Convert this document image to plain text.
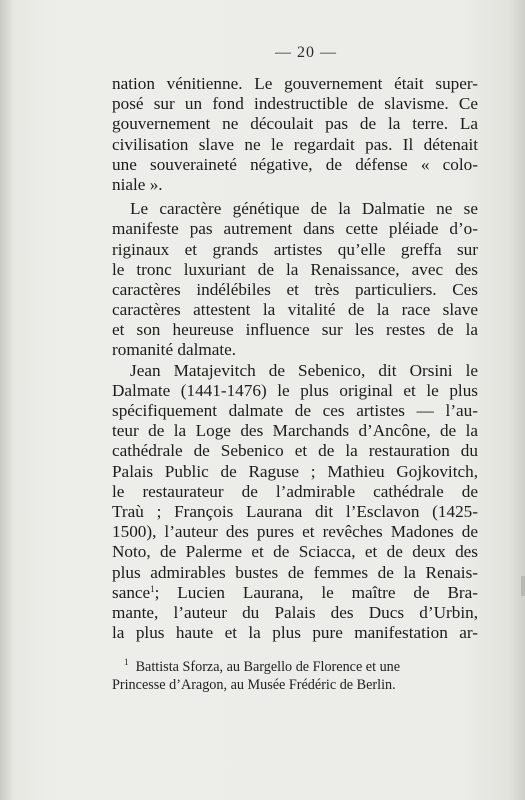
— 20 —
nation vénitienne. Le gouvernement était super-
posé sur un fond indestructible de slavisme. Ce
gouvernement ne découlait pas de la terre. La
civilisation slave ne le regardait pas. Il détenait
une souveraineté négative, de défense « colo-
niale ».
Le caractère génétique de la Dalmatie ne se
manifeste pas autrement dans cette pléiade d’o-
riginaux et grands artistes qu’elle greffa sur
le tronc luxuriant de la Renaissance, avec des
caractères indélébiles et très particuliers. Ces
caractères attestent la vitalité de la race slave
et son heureuse influence sur les restes de la
romanité dalmate.
Jean Matajevitch de Sebenico, dit Orsini le
Dalmate (1441-1476) le plus original et le plus
spécifiquement dalmate de ces artistes — l’au-
teur de la Loge des Marchands d’Ancône, de la
cathédrale de Sebenico et de la restauration du
Palais Public de Raguse ; Mathieu Gojkovitch,
le restaurateur de l’admirable cathédrale de
Traù ; François Laurana dit l’Esclavon (1425-
1500), l’auteur des pures et revêches Madones de
Noto, de Palerme et de Sciacca, et de deux des
plus admirables bustes de femmes de la Renais-
sance$^1$; Lucien Laurana, le maître de Bra-
mante, l’auteur du Palais des Ducs d’Urbin,
la plus haute et la plus pure manifestation ar-
$^1$ Battista Sforza, au Bargello de Florence et une
Princesse d’Aragon, au Musée Frédéric de Berlin.
